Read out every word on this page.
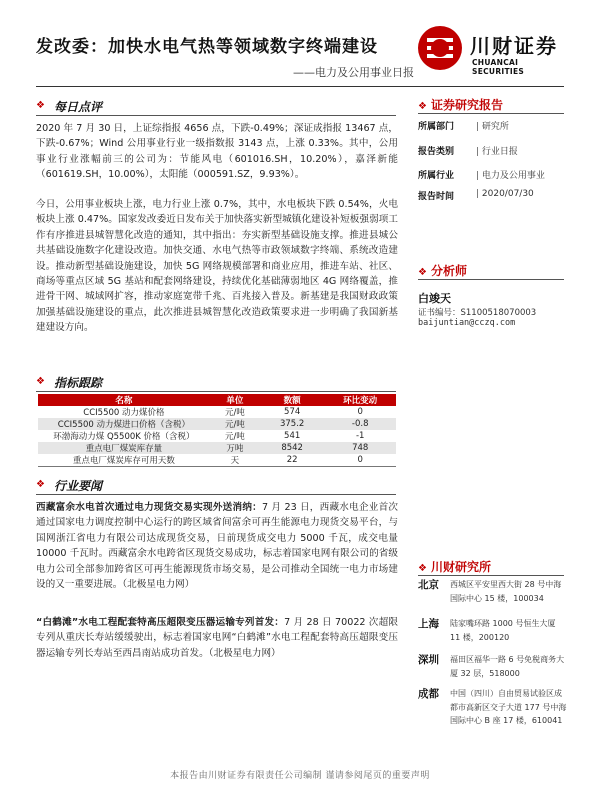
发改委：加快水电气热等领域数字终端建设
——电力及公用事业日报
川财证券
CHUANCAI SECURITIES
❖ 每日点评
2020 年 7 月 30 日，上证综指报 4656 点，下跌-0.49%；深证成指报 13467 点，下跌-0.67%；Wind 公用事业行业一级指数报 3143 点，上涨 0.33%。其中，公用事业行业涨幅前三的公司为：节能风电（601016.SH，10.20%），嘉泽新能（601619.SH，10.00%），太阳能（000591.SZ，9.93%）。
今日，公用事业板块上涨，电力行业上涨 0.7%，其中，水电板块下跌 0.54%，火电板块上涨 0.47%。国家发改委近日发布关于加快落实新型城镇化建设补短板强弱项工作有序推进县城智慧化改造的通知，其中指出：夯实新型基础设施支撑。推进县城公共基础设施数字化建设改造。加快交通、水电气热等市政领域数字终端、系统改造建设。推动新型基础设施建设，加快 5G 网络规模部署和商业应用，推进车站、社区、商场等重点区域 5G 基站和配套网络建设，持续优化基础薄弱地区 4G 网络覆盖，推进骨干网、城域网扩容，推动家庭宽带千兆、百兆接入普及。新基建是我国财政政策加强基础设施建设的重点，此次推进县城智慧化改造政策要求进一步明确了我国新基建建设方向。
❖ 指标跟踪
名称	单位	数额	环比变动
CCI5500 动力煤价格	元/吨	574	0
CCI5500 动力煤进口价格（含税）	元/吨	375.2	-0.8
环渤海动力煤 Q5500K 价格（含税）	元/吨	541	-1
重点电厂煤炭库存量	万吨	8542	748
重点电厂煤炭库存可用天数	天	22	0
❖ 行业要闻
西藏富余水电首次通过电力现货交易实现外送消纳：7 月 23 日，西藏水电企业首次通过国家电力调度控制中心运行的跨区域省间富余可再生能源电力现货交易平台，与国网浙江省电力有限公司达成现货交易，日前现货成交电力 5000 千瓦，成交电量 10000 千瓦时。西藏富余水电跨省区现货交易成功，标志着国家电网有限公司的省级电力公司全部参加跨省区可再生能源现货市场交易，是公司推动全国统一电力市场建设的又一重要进展。（北极星电力网）
“白鹤滩”水电工程配套特高压超限变压器运输专列首发：7 月 28 日 70022 次超限专列从重庆长寿站缓缓驶出，标志着国家电网“白鹤滩”水电工程配套特高压超限变压器运输专列长寿站至西昌南站成功首发。（北极星电力网）
❖ 证券研究报告
所属部门	| 研究所
报告类别	| 行业日报
所属行业	| 电力及公用事业
报告时间	| 2020/07/30
❖ 分析师
白竣天
证书编号：S1100518070003
baijuntian@cczq.com
❖ 川财研究所
北京 西城区平安里西大街 28 号中海国际中心 15 楼，100034
上海 陆家嘴环路 1000 号恒生大厦 11 楼，200120
深圳 福田区福华一路 6 号免税商务大厦 32 层，518000
成都 中国（四川）自由贸易试验区成都市高新区交子大道 177 号中海国际中心 B 座 17 楼，610041
本报告由川财证券有限责任公司编制 谨请参阅尾页的重要声明
